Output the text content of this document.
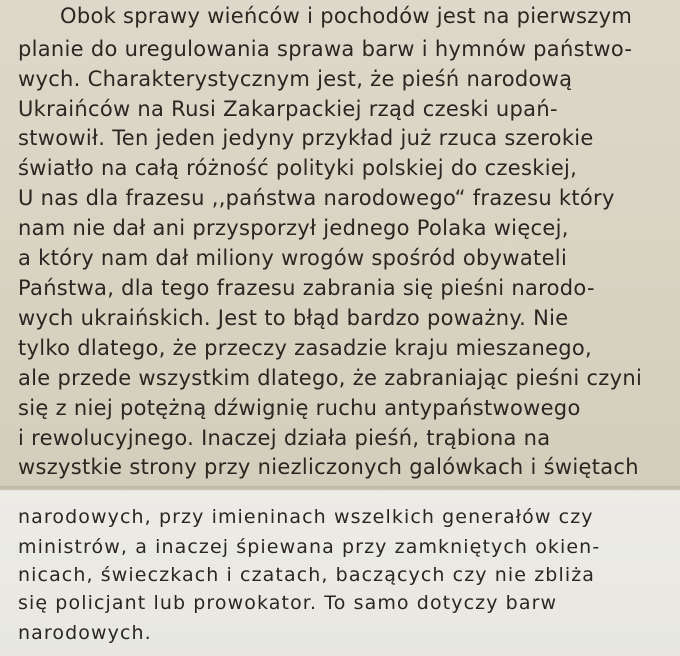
Obok sprawy wieńców i pochodów jest na pierwszym
planie do uregulowania sprawa barw i hymnów państwo-
wych. Charakterystycznym jest, że pieśń narodową
Ukraińców na Rusi Zakarpackiej rząd czeski upań-
stwowił. Ten jeden jedyny przykład już rzuca szerokie
światło na całą różność polityki polskiej do czeskiej,
U nas dla frazesu ,,państwa narodowego“ frazesu który
nam nie dał ani przysporzył jednego Polaka więcej,
a który nam dał miliony wrogów spośród obywateli
Państwa, dla tego frazesu zabrania się pieśni narodo-
wych ukraińskich. Jest to błąd bardzo poważny. Nie
tylko dlatego, że przeczy zasadzie kraju mieszanego,
ale przede wszystkim dlatego, że zabraniając pieśni czyni
się z niej potężną dźwignię ruchu antypaństwowego
i rewolucyjnego. Inaczej działa pieśń, trąbiona na
wszystkie strony przy niezliczonych galówkach i świętach
narodowych, przy imieninach wszelkich generałów czy
ministrów, a inaczej śpiewana przy zamkniętych okien-
nicach, świeczkach i czatach, baczących czy nie zbliża
się policjant lub prowokator. To samo dotyczy barw
narodowych.
